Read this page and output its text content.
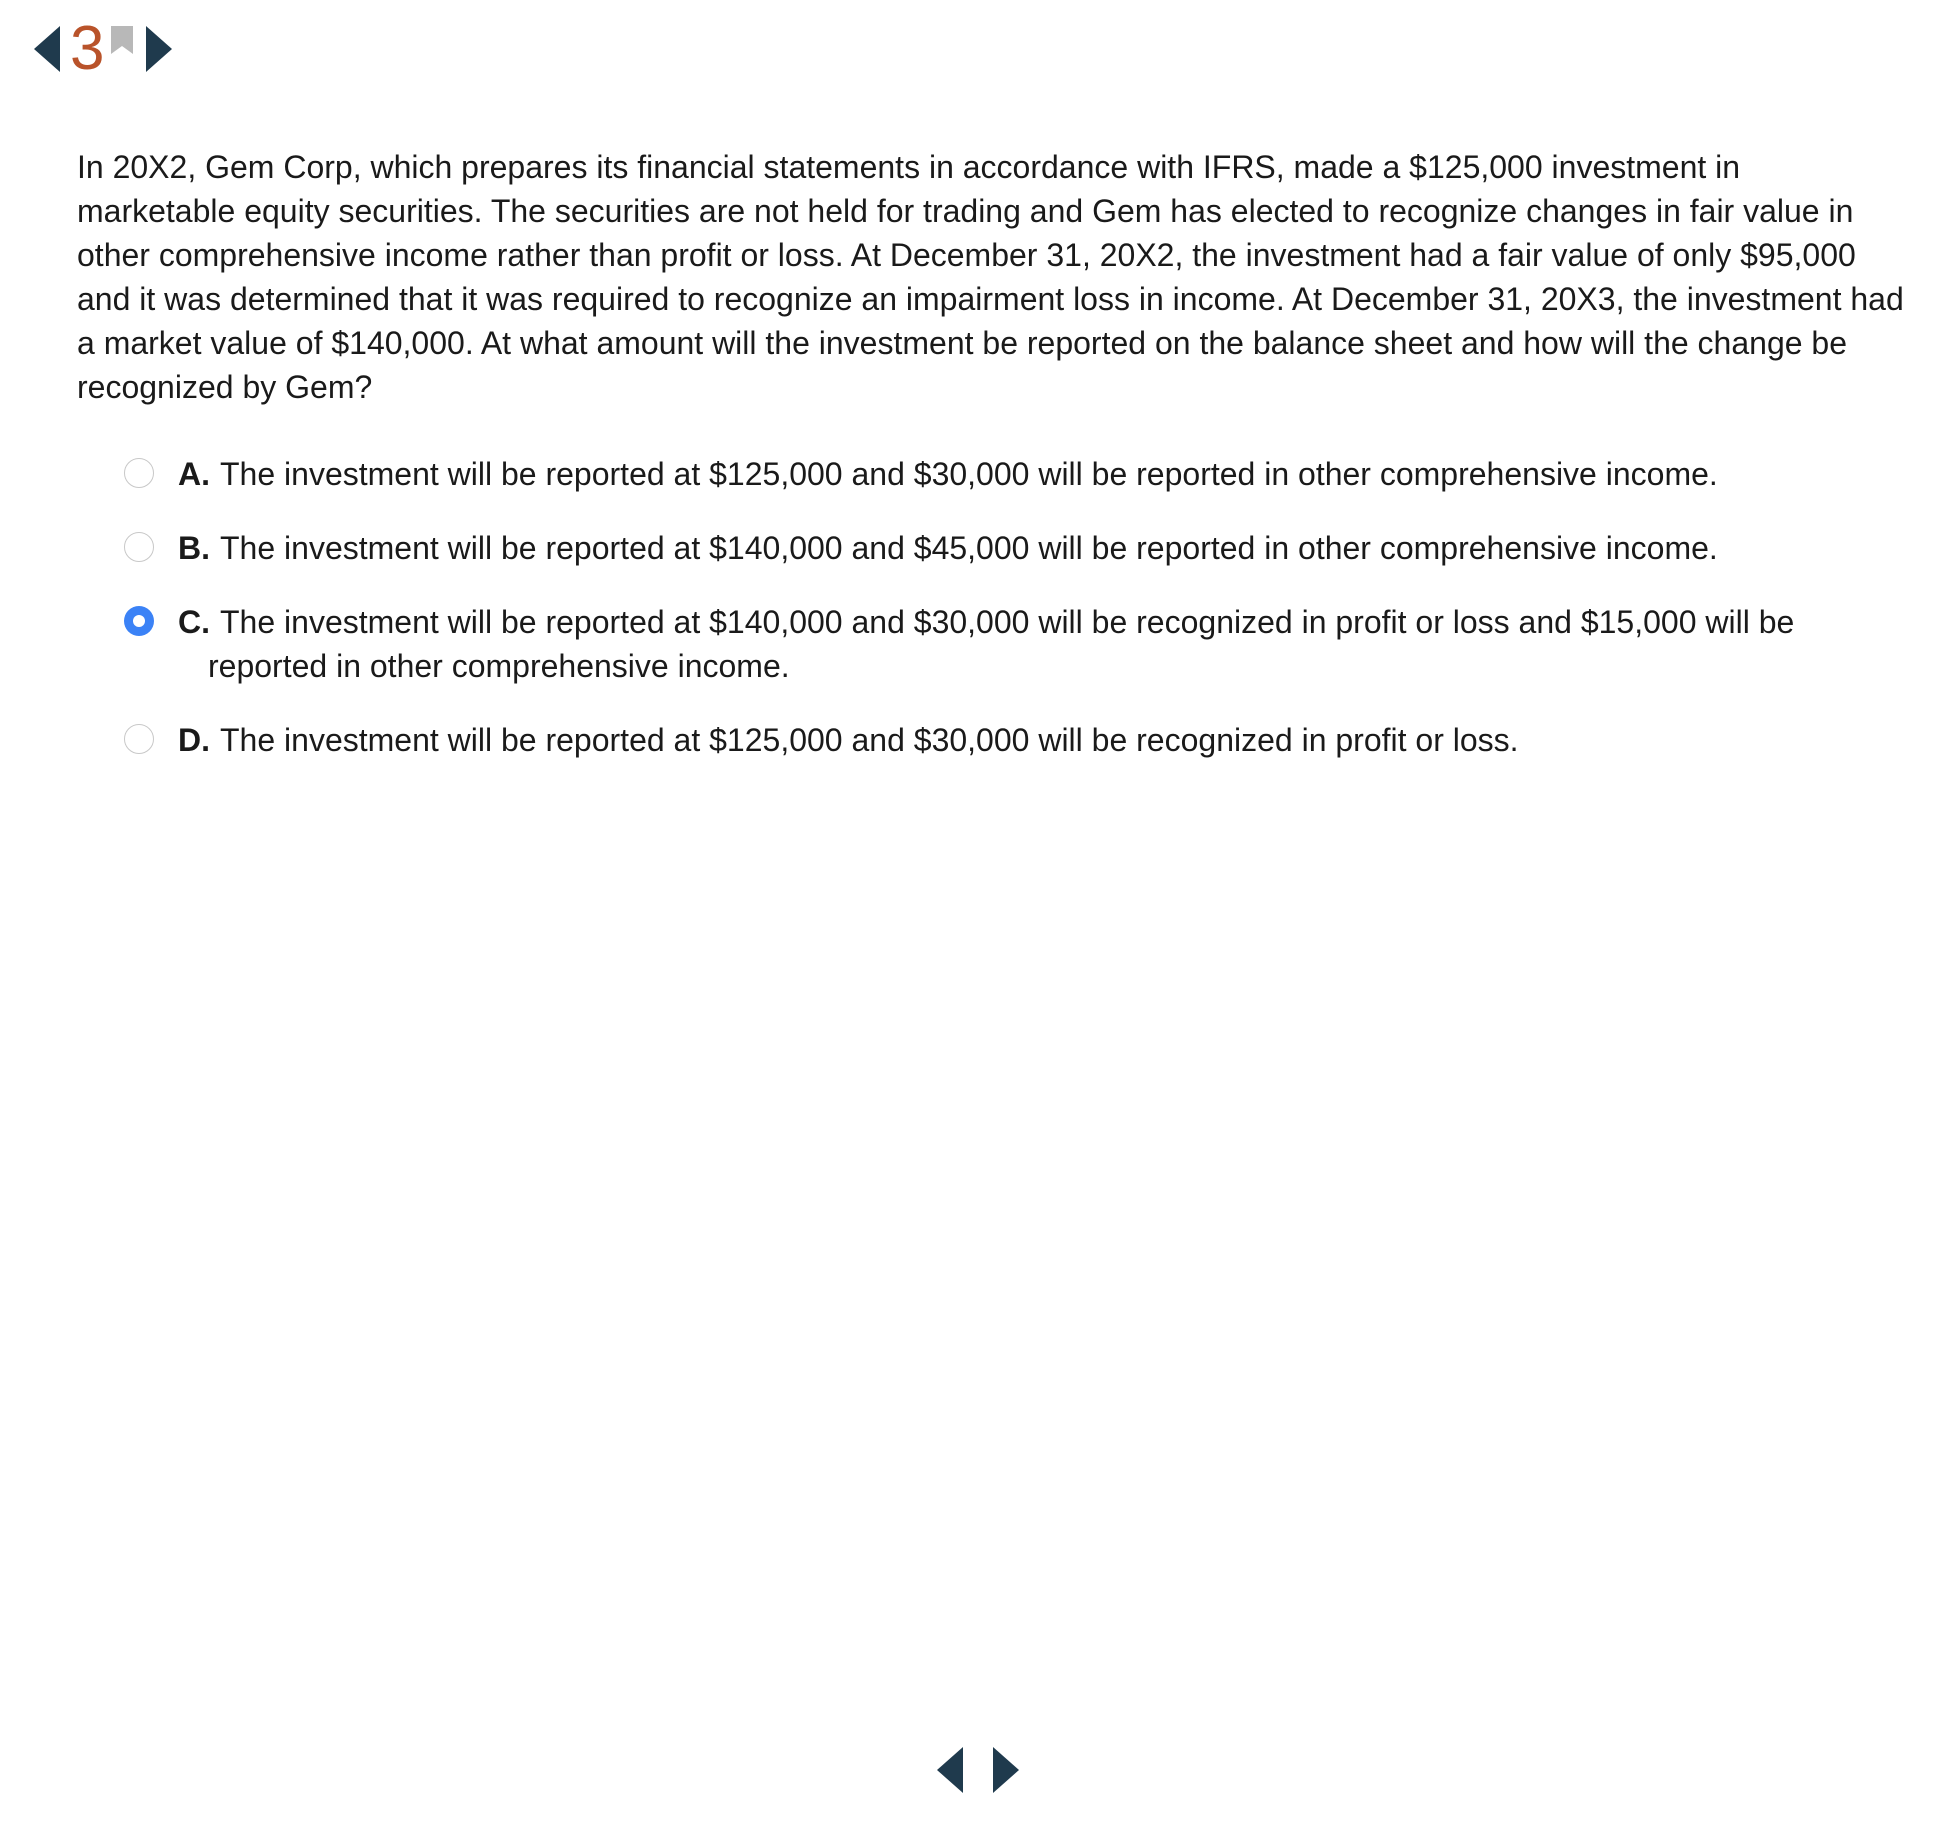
3

In 20X2, Gem Corp, which prepares its financial statements in accordance with IFRS, made a $125,000 investment in marketable equity securities. The securities are not held for trading and Gem has elected to recognize changes in fair value in other comprehensive income rather than profit or loss. At December 31, 20X2, the investment had a fair value of only $95,000 and it was determined that it was required to recognize an impairment loss in income. At December 31, 20X3, the investment had a market value of $140,000. At what amount will the investment be reported on the balance sheet and how will the change be recognized by Gem?

A. The investment will be reported at $125,000 and $30,000 will be reported in other comprehensive income.
B. The investment will be reported at $140,000 and $45,000 will be reported in other comprehensive income.
C. The investment will be reported at $140,000 and $30,000 will be recognized in profit or loss and $15,000 will be reported in other comprehensive income.
D. The investment will be reported at $125,000 and $30,000 will be recognized in profit or loss.
